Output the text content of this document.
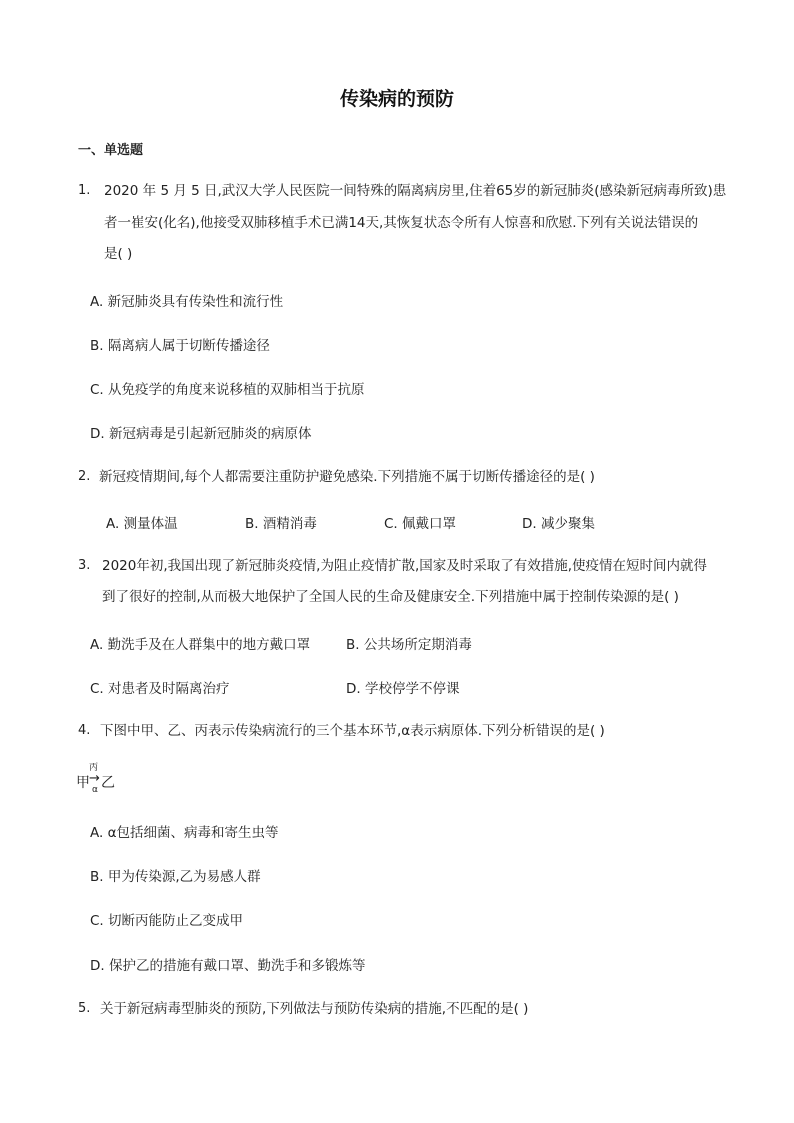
传染病的预防
一、单选题
1. 2020 年 5 月 5 日,武汉大学人民医院一间特殊的隔离病房里,住着65岁的新冠肺炎(感染新冠病毒所致)患
者一崔安(化名),他接受双肺移植手术已满14天,其恢复状态令所有人惊喜和欣慰.下列有关说法错误的
是( )
A. 新冠肺炎具有传染性和流行性
B. 隔离病人属于切断传播途径
C. 从免疫学的角度来说移植的双肺相当于抗原
D. 新冠病毒是引起新冠肺炎的病原体
2. 新冠疫情期间,每个人都需要注重防护避免感染.下列措施不属于切断传播途径的是( )
A. 测量体温	B. 酒精消毒	C. 佩戴口罩	D. 减少聚集
3. 2020年初,我国出现了新冠肺炎疫情,为阻止疫情扩散,国家及时采取了有效措施,使疫情在短时间内就得
到了很好的控制,从而极大地保护了全国人民的生命及健康安全.下列措施中属于控制传染源的是( )
A. 勤洗手及在人群集中的地方戴口罩	B. 公共场所定期消毒
C. 对患者及时隔离治疗	D. 学校停学不停课
4. 下图中甲、乙、丙表示传染病流行的三个基本环节,α表示病原体.下列分析错误的是( )
丙
甲 → 乙
α
A. α包括细菌、病毒和寄生虫等
B. 甲为传染源,乙为易感人群
C. 切断丙能防止乙变成甲
D. 保护乙的措施有戴口罩、勤洗手和多锻炼等
5. 关于新冠病毒型肺炎的预防,下列做法与预防传染病的措施,不匹配的是( )
